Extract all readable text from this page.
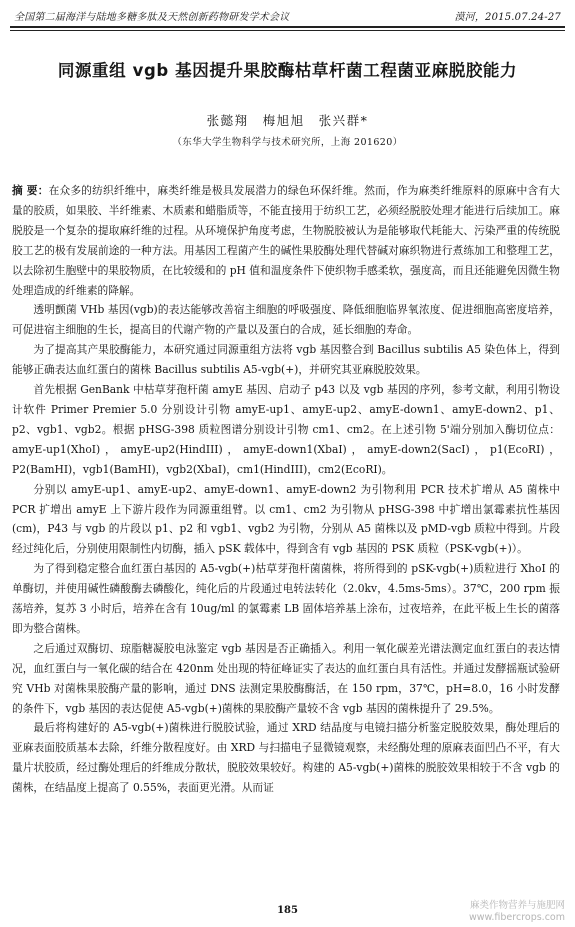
全国第二届海洋与陆地多糖多肽及天然创新药物研发学术会议	漠河，2015.07.24-27
同源重组 vgb 基因提升果胶酶枯草杆菌工程菌亚麻脱胶能力
张懿翔　梅旭旭　张兴群*
（东华大学生物科学与技术研究所，上海 201620）

摘 要：在众多的纺织纤维中，麻类纤维是极具发展潜力的绿色环保纤维。然而，作为麻类纤维原料的原麻中含有大量的胶质，如果胶、半纤维素、木质素和蜡脂质等，不能直接用于纺织工艺，必须经脱胶处理才能进行后续加工。麻脱胶是一个复杂的提取麻纤维的过程。从环境保护角度考虑，生物脱胶被认为是能够取代耗能大、污染严重的传统脱胶工艺的极有发展前途的一种方法。用基因工程菌产生的碱性果胶酶处理代替碱对麻织物进行煮练加工和整理工艺，以去除初生胞壁中的果胶物质，在比较缓和的 pH 值和温度条件下使织物手感柔软，强度高，而且还能避免因微生物处理造成的纤维素的降解。

透明颤菌 VHb 基因(vgb)的表达能够改善宿主细胞的呼吸强度、降低细胞临界氧浓度、促进细胞高密度培养，可促进宿主细胞的生长，提高目的代谢产物的产量以及蛋白的合成，延长细胞的寿命。

为了提高其产果胶酶能力，本研究通过同源重组方法将 vgb 基因整合到 Bacillus subtilis A5 染色体上，得到能够正确表达血红蛋白的菌株 Bacillus subtilis A5-vgb(+)，并研究其亚麻脱胶效果。

首先根据 GenBank 中枯草芽孢杆菌 amyE 基因、启动子 p43 以及 vgb 基因的序列，参考文献，利用引物设计软件 Primer Premier 5.0 分别设计引物 amyE-up1、amyE-up2、amyE-down1、amyE-down2、p1、p2、vgb1、vgb2。根据 pHSG-398 质粒图谱分别设计引物 cm1、cm2。在上述引物 5'端分别加入酶切位点：amyE-up1(XhoI)，amyE-up2(HindIII)，amyE-down1(XbaI)，amyE-down2(SacI)，p1(EcoRI)，P2(BamHI)，vgb1(BamHI)，vgb2(XbaI)，cm1(HindIII)，cm2(EcoRI)。

分别以 amyE-up1、amyE-up2、amyE-down1、amyE-down2 为引物利用 PCR 技术扩增从 A5 菌株中 PCR 扩增出 amyE 上下游片段作为同源重组臂。以 cm1、cm2 为引物从 pHSG-398 中扩增出氯霉素抗性基因(cm)，P43 与 vgb 的片段以 p1、p2 和 vgb1、vgb2 为引物，分别从 A5 菌株以及 pMD-vgb 质粒中得到。片段经过纯化后，分别使用限制性内切酶，插入 pSK 载体中，得到含有 vgb 基因的 PSK 质粒（PSK-vgb(+)）。

为了得到稳定整合血红蛋白基因的 A5-vgb(+)枯草芽孢杆菌菌株，将所得到的 pSK-vgb(+)质粒进行 XhoI 的单酶切，并使用碱性磷酸酶去磷酸化，纯化后的片段通过电转法转化（2.0kv，4.5ms-5ms）。37℃，200 rpm 振荡培养，复苏 3 小时后，培养在含有 10ug/ml 的氯霉素 LB 固体培养基上涂布，过夜培养，在此平板上生长的菌落即为整合菌株。

之后通过双酶切、琼脂糖凝胶电泳鉴定 vgb 基因是否正确插入。利用一氧化碳差光谱法测定血红蛋白的表达情况，血红蛋白与一氧化碳的结合在 420nm 处出现的特征峰证实了表达的血红蛋白具有活性。并通过发酵摇瓶试验研究 VHb 对菌株果胶酶产量的影响，通过 DNS 法测定果胶酶酶活，在 150 rpm，37℃，pH=8.0，16 小时发酵的条件下，vgb 基因的表达促使 A5-vgb(+)菌株的果胶酶产量较不含 vgb 基因的菌株提升了 29.5%。

最后将构建好的 A5-vgb(+)菌株进行脱胶试验，通过 XRD 结晶度与电镜扫描分析鉴定脱胶效果，酶处理后的亚麻表面胶质基本去除，纤维分散程度好。由 XRD 与扫描电子显微镜观察，未经酶处理的原麻表面凹凸不平，有大量片状胶质，经过酶处理后的纤维成分散状，脱胶效果较好。构建的 A5-vgb(+)菌株的脱胶效果相较于不含 vgb 的菌株，在结晶度上提高了 0.55%，表面更光滑。从而证

185	麻类作物营养与施肥网
www.fibercrops.com
